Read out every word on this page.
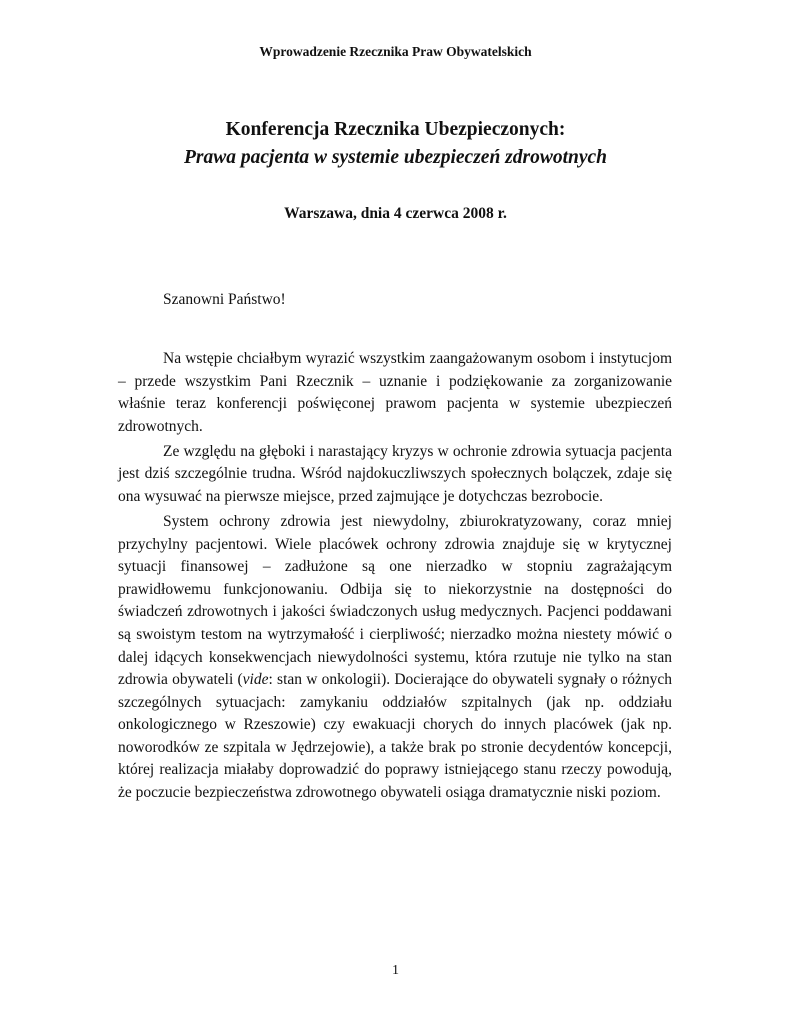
Wprowadzenie Rzecznika Praw Obywatelskich
Konferencja Rzecznika Ubezpieczonych:
Prawa pacjenta w systemie ubezpieczeń zdrowotnych
Warszawa, dnia 4 czerwca 2008 r.
Szanowni Państwo!

Na wstępie chciałbym wyrazić wszystkim zaangażowanym osobom i instytucjom – przede wszystkim Pani Rzecznik – uznanie i podziękowanie za zorganizowanie właśnie teraz konferencji poświęconej prawom pacjenta w systemie ubezpieczeń zdrowotnych.

Ze względu na głęboki i narastający kryzys w ochronie zdrowia sytuacja pacjenta jest dziś szczególnie trudna. Wśród najdokuczliwszych społecznych bolączek, zdaje się ona wysuwać na pierwsze miejsce, przed zajmujące je dotychczas bezrobocie.

System ochrony zdrowia jest niewydolny, zbiurokratyzowany, coraz mniej przychylny pacjentowi. Wiele placówek ochrony zdrowia znajduje się w krytycznej sytuacji finansowej – zadłużone są one nierzadko w stopniu zagrażającym prawidłowemu funkcjonowaniu. Odbija się to niekorzystnie na dostępności do świadczeń zdrowotnych i jakości świadczonych usług medycznych. Pacjenci poddawani są swoistym testom na wytrzymałość i cierpliwość; nierzadko można niestety mówić o dalej idących konsekwencjach niewydolności systemu, która rzutuje nie tylko na stan zdrowia obywateli (vide: stan w onkologii). Docierające do obywateli sygnały o różnych szczególnych sytuacjach: zamykaniu oddziałów szpitalnych (jak np. oddziału onkologicznego w Rzeszowie) czy ewakuacji chorych do innych placówek (jak np. noworodków ze szpitala w Jędrzejowie), a także brak po stronie decydentów koncepcji, której realizacja miałaby doprowadzić do poprawy istniejącego stanu rzeczy powodują, że poczucie bezpieczeństwa zdrowotnego obywateli osiąga dramatycznie niski poziom.

1
